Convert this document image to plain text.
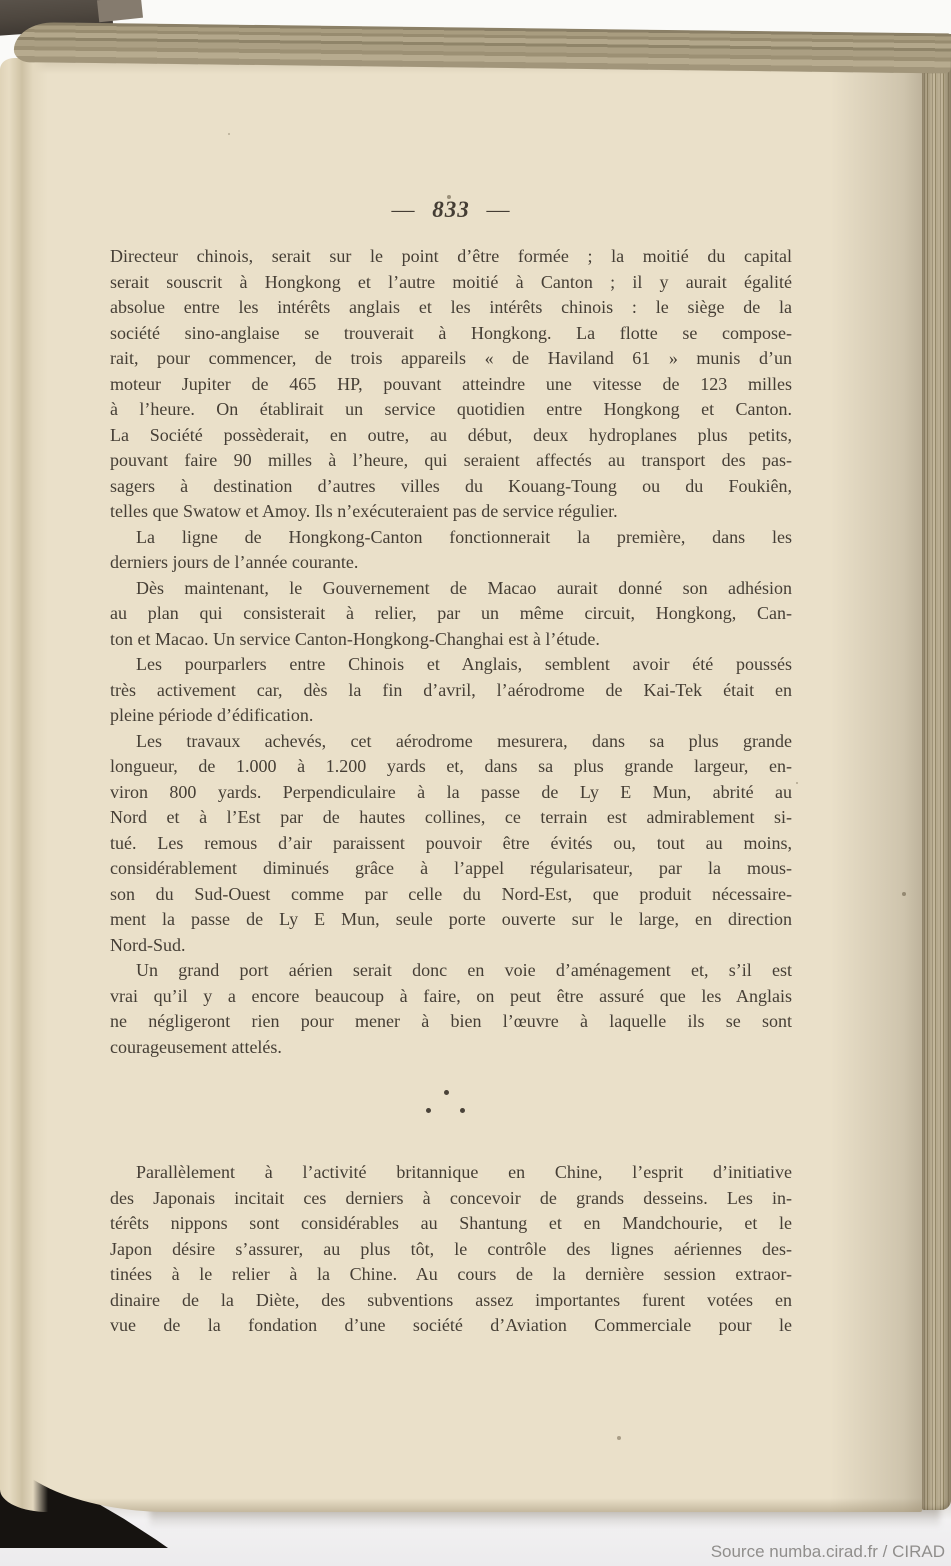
— 833 —
Directeur chinois, serait sur le point d’être formée ; la moitié du capital
serait souscrit à Hongkong et l’autre moitié à Canton ; il y aurait égalité
absolue entre les intérêts anglais et les intérêts chinois : le siège de la
société sino-anglaise se trouverait à Hongkong. La flotte se compose-
rait, pour commencer, de trois appareils « de Haviland 61 » munis d’un
moteur Jupiter de 465 HP, pouvant atteindre une vitesse de 123 milles
à l’heure. On établirait un service quotidien entre Hongkong et Canton.
La Société possèderait, en outre, au début, deux hydroplanes plus petits,
pouvant faire 90 milles à l’heure, qui seraient affectés au transport des pas-
sagers à destination d’autres villes du Kouang-Toung ou du Foukiên,
telles que Swatow et Amoy. Ils n’exécuteraient pas de service régulier.
La ligne de Hongkong-Canton fonctionnerait la première, dans les
derniers jours de l’année courante.
Dès maintenant, le Gouvernement de Macao aurait donné son adhésion
au plan qui consisterait à relier, par un même circuit, Hongkong, Can-
ton et Macao. Un service Canton-Hongkong-Changhai est à l’étude.
Les pourparlers entre Chinois et Anglais, semblent avoir été poussés
très activement car, dès la fin d’avril, l’aérodrome de Kai-Tek était en
pleine période d’édification.
Les travaux achevés, cet aérodrome mesurera, dans sa plus grande
longueur, de 1.000 à 1.200 yards et, dans sa plus grande largeur, en-
viron 800 yards. Perpendiculaire à la passe de Ly E Mun, abrité au
Nord et à l’Est par de hautes collines, ce terrain est admirablement si-
tué. Les remous d’air paraissent pouvoir être évités ou, tout au moins,
considérablement diminués grâce à l’appel régularisateur, par la mous-
son du Sud-Ouest comme par celle du Nord-Est, que produit nécessaire-
ment la passe de Ly E Mun, seule porte ouverte sur le large, en direction
Nord-Sud.
Un grand port aérien serait donc en voie d’aménagement et, s’il est
vrai qu’il y a encore beaucoup à faire, on peut être assuré que les Anglais
ne négligeront rien pour mener à bien l’œuvre à laquelle ils se sont
courageusement attelés.
Parallèlement à l’activité britannique en Chine, l’esprit d’initiative
des Japonais incitait ces derniers à concevoir de grands desseins. Les in-
térêts nippons sont considérables au Shantung et en Mandchourie, et le
Japon désire s’assurer, au plus tôt, le contrôle des lignes aériennes des-
tinées à le relier à la Chine. Au cours de la dernière session extraor-
dinaire de la Diète, des subventions assez importantes furent votées en
vue de la fondation d’une société d’Aviation Commerciale pour le
Source numba.cirad.fr / CIRAD
